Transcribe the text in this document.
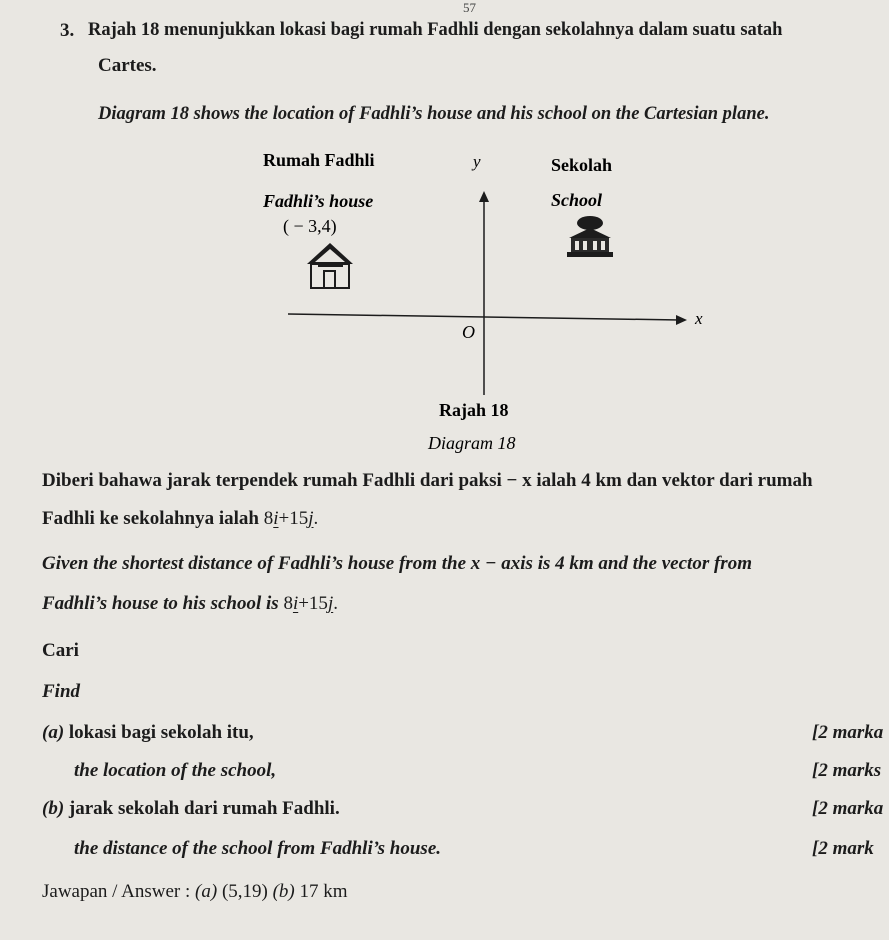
57
3. Rajah 18 menunjukkan lokasi bagi rumah Fadhli dengan sekolahnya dalam suatu satah
Cartes.
Diagram 18 shows the location of Fadhli’s house and his school on the Cartesian plane.
Rumah Fadhli
Fadhli’s house
( − 3,4)
y
x
O
Sekolah
School
Rajah 18
Diagram 18
Diberi bahawa jarak terpendek rumah Fadhli dari paksi − x ialah 4 km dan vektor dari rumah
Fadhli ke sekolahnya ialah 8i+15j.
Given the shortest distance of Fadhli’s house from the x − axis is 4 km and the vector from
Fadhli’s house to his school is 8i+15j.
Cari
Find
(a) lokasi bagi sekolah itu,	[2 marka
the location of the school,	[2 marks
(b) jarak sekolah dari rumah Fadhli.	[2 marka
the distance of the school from Fadhli’s house.	[2 mark
Jawapan / Answer : (a) (5,19) (b) 17 km
